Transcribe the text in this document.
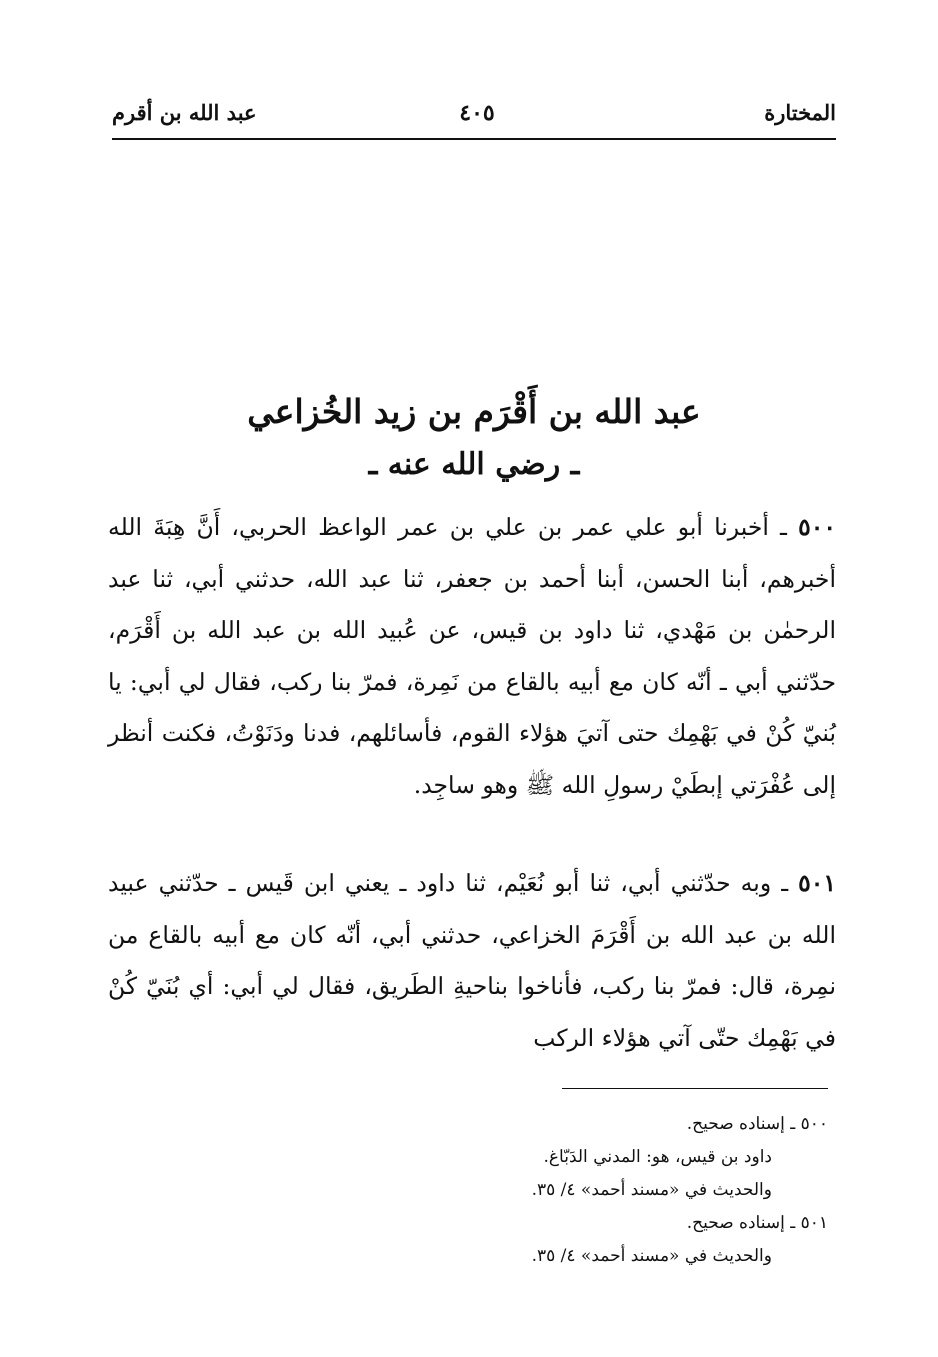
المختارة
٤٠٥
عبد الله بن أقرم
عبد الله بن أَقْرَم بن زيد الخُزاعي
ـ رضي الله عنه ـ
٥٠٠ ـ أخبرنا أبو علي عمر بن علي بن عمر الواعظ الحربي، أَنَّ هِبَةَ الله أخبرهم، أبنا الحسن، أبنا أحمد بن جعفر، ثنا عبد الله، حدثني أبي، ثنا عبد الرحمٰن بن مَهْدي، ثنا داود بن قيس، عن عُبيد الله بن عبد الله بن أَقْرَم، حدّثني أبي ـ أنّه كان مع أبيه بالقاع من نَمِرة، فمرّ بنا ركب، فقال لي أبي: يا بُنيّ كُنْ في بَهْمِك حتى آتيَ هؤلاء القوم، فأسائلهم، فدنا ودَنَوْتُ، فكنت أنظر إلى عُفْرَتي إبطَيْ رسولِ الله ﷺ وهو ساجِد.
٥٠١ ـ وبه حدّثني أبي، ثنا أبو نُعَيْم، ثنا داود ـ يعني ابن قَيس ـ حدّثني عبيد الله بن عبد الله بن أَقْرَمَ الخزاعي، حدثني أبي، أنّه كان مع أبيه بالقاع من نمِرة، قال: فمرّ بنا ركب، فأناخوا بناحيةِ الطَريق، فقال لي أبي: أي بُنَيّ كُنْ في بَهْمِك حتّى آتي هؤلاء الركب
٥٠٠ ـ إسناده صحيح.
داود بن قيس، هو: المدني الدَبّاغ.
والحديث في «مسند أحمد» ٤/ ٣٥.
٥٠١ ـ إسناده صحيح.
والحديث في «مسند أحمد» ٤/ ٣٥.
